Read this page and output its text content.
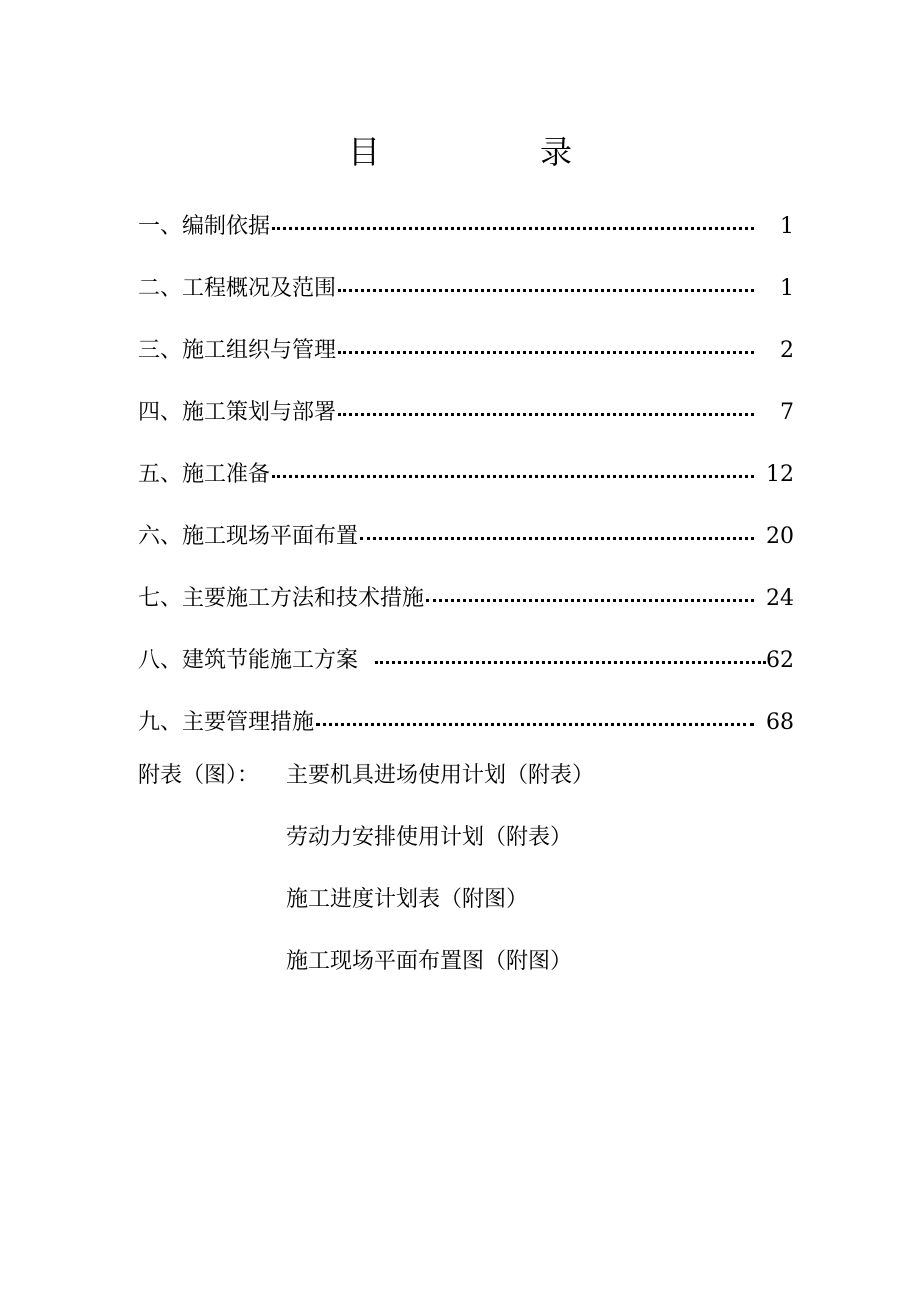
目　录
一、编制依据	1
二、工程概况及范围	1
三、施工组织与管理	2
四、施工策划与部署	7
五、施工准备	12
六、施工现场平面布置	20
七、主要施工方法和技术措施	24
八、建筑节能施工方案	62
九、主要管理措施	68
附表（图）：	主要机具进场使用计划（附表）
劳动力安排使用计划（附表）
施工进度计划表（附图）
施工现场平面布置图（附图）
